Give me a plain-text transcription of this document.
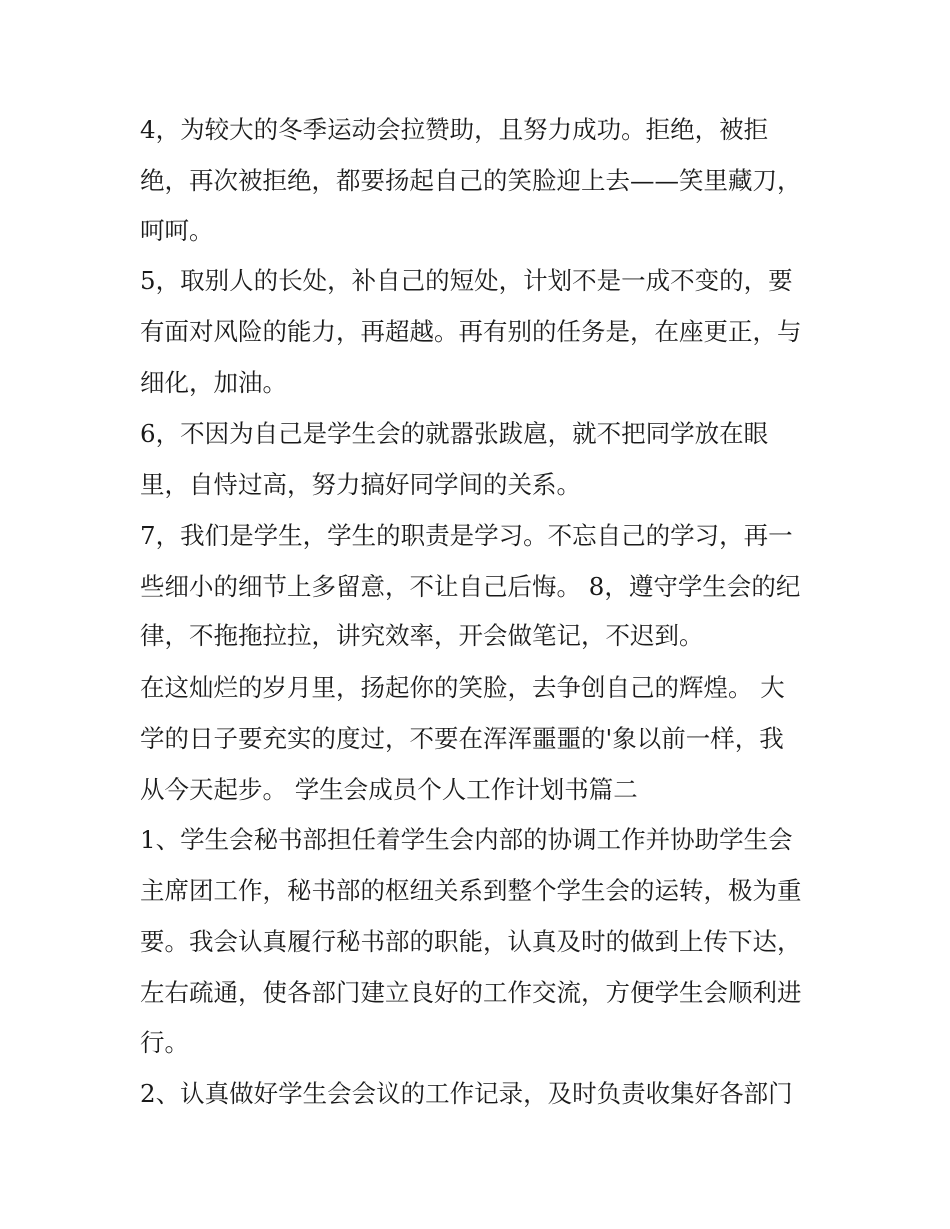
4，为较大的冬季运动会拉赞助，且努力成功。拒绝，被拒
绝，再次被拒绝，都要扬起自己的笑脸迎上去——笑里藏刀，
呵呵。
5，取别人的长处，补自己的短处，计划不是一成不变的，要
有面对风险的能力，再超越。再有别的任务是，在座更正，与
细化，加油。
6，不因为自己是学生会的就嚣张跋扈，就不把同学放在眼
里，自恃过高，努力搞好同学间的关系。
7，我们是学生，学生的职责是学习。不忘自己的学习，再一
些细小的细节上多留意，不让自己后悔。 8，遵守学生会的纪
律，不拖拖拉拉，讲究效率，开会做笔记，不迟到。
在这灿烂的岁月里，扬起你的笑脸，去争创自己的辉煌。 大
学的日子要充实的度过，不要在浑浑噩噩的'象以前一样，我
从今天起步。 学生会成员个人工作计划书篇二
1、学生会秘书部担任着学生会内部的协调工作并协助学生会
主席团工作，秘书部的枢纽关系到整个学生会的运转，极为重
要。我会认真履行秘书部的职能，认真及时的做到上传下达，
左右疏通，使各部门建立良好的工作交流，方便学生会顺利进
行。
2、认真做好学生会会议的工作记录，及时负责收集好各部门
